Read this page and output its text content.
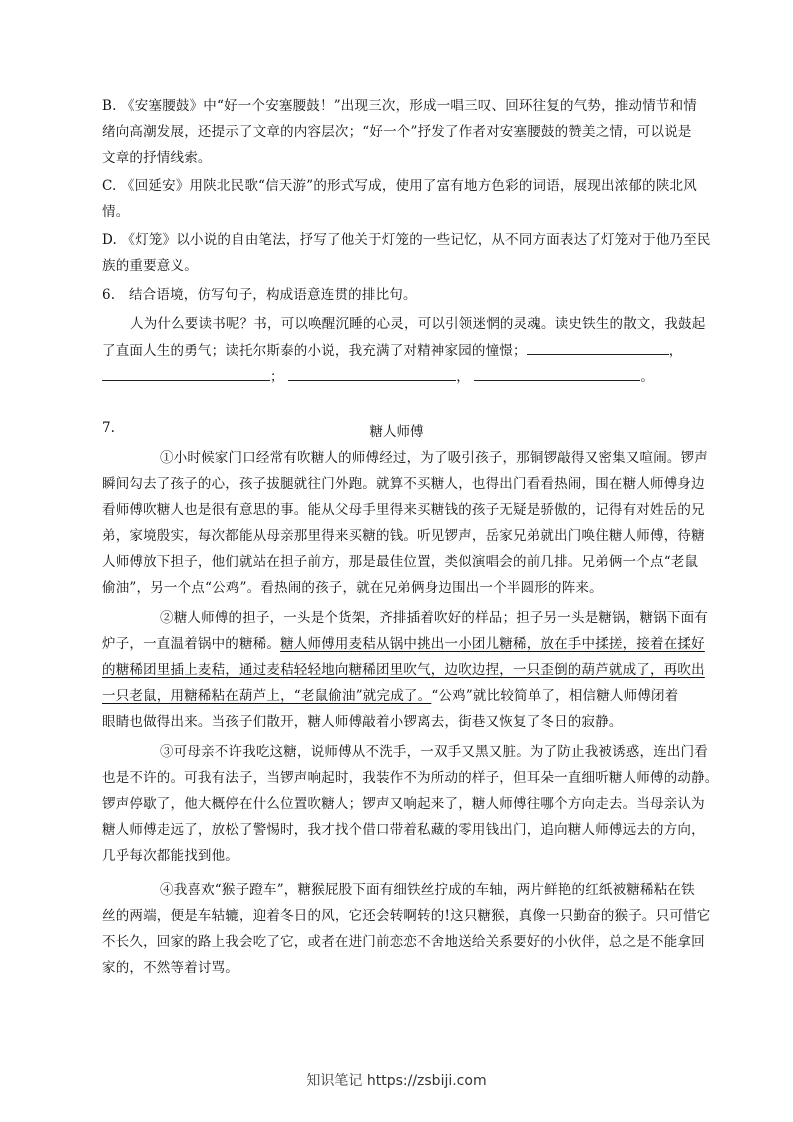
B. 《安塞腰鼓》中“好一个安塞腰鼓！”出现三次，形成一唱三叹、回环往复的气势，推动情节和情
绪向高潮发展，还提示了文章的内容层次；“好一个”抒发了作者对安塞腰鼓的赞美之情，可以说是
文章的抒情线索。
C. 《回延安》用陕北民歌“信天游”的形式写成，使用了富有地方色彩的词语，展现出浓郁的陕北风
情。
D. 《灯笼》以小说的自由笔法，抒写了他关于灯笼的一些记忆，从不同方面表达了灯笼对于他乃至民
族的重要意义。
6.　结合语境，仿写句子，构成语意连贯的排比句。
人为什么要读书呢？书，可以唤醒沉睡的心灵，可以引领迷惘的灵魂。读史铁生的散文，我鼓起
了直面人生的勇气；读托尔斯泰的小说，我充满了对精神家园的憧憬；	，
；	，	。
7.	糖人师傅
①小时候家门口经常有吹糖人的师傅经过，为了吸引孩子，那铜锣敲得又密集又喧闹。锣声
瞬间勾去了孩子的心，孩子拔腿就往门外跑。就算不买糖人，也得出门看看热闹，围在糖人师傅身边
看师傅吹糖人也是很有意思的事。能从父母手里得来买糖钱的孩子无疑是骄傲的，记得有对姓岳的兄
弟，家境殷实，每次都能从母亲那里得来买糖的钱。听见锣声，岳家兄弟就出门唤住糖人师傅，待糖
人师傅放下担子，他们就站在担子前方，那是最佳位置，类似演唱会的前几排。兄弟俩一个点“老鼠
偷油”，另一个点“公鸡”。看热闹的孩子，就在兄弟俩身边围出一个半圆形的阵来。
②糖人师傅的担子，一头是个货架，齐排插着吹好的样品；担子另一头是糖锅，糖锅下面有
炉子，一直温着锅中的糖稀。糖人师傅用麦秸从锅中挑出一小团儿糖稀，放在手中揉搓，接着在揉好
的糖稀团里插上麦秸，通过麦秸轻轻地向糖稀团里吹气，边吹边捏，一只歪倒的葫芦就成了，再吹出
一只老鼠，用糖稀粘在葫芦上，“老鼠偷油”就完成了。“公鸡”就比较简单了，相信糖人师傅闭着
眼睛也做得出来。当孩子们散开，糖人师傅敲着小锣离去，街巷又恢复了冬日的寂静。
③可母亲不许我吃这糖，说师傅从不洗手，一双手又黑又脏。为了防止我被诱惑，连出门看
也是不许的。可我有法子，当锣声响起时，我装作不为所动的样子，但耳朵一直细听糖人师傅的动静。
锣声停歇了，他大概停在什么位置吹糖人；锣声又响起来了，糖人师傅往哪个方向走去。当母亲认为
糖人师傅走远了，放松了警惕时，我才找个借口带着私藏的零用钱出门，追向糖人师傅远去的方向，
几乎每次都能找到他。
④我喜欢“猴子蹬车”，糖猴屁股下面有细铁丝拧成的车轴，两片鲜艳的红纸被糖稀粘在铁
丝的两端，便是车轱辘，迎着冬日的风，它还会转啊转的!这只糖猴，真像一只勤奋的猴子。只可惜它
不长久，回家的路上我会吃了它，或者在进门前恋恋不舍地送给关系要好的小伙伴，总之是不能拿回
家的，不然等着讨骂。
知识笔记 https://zsbiji.com
